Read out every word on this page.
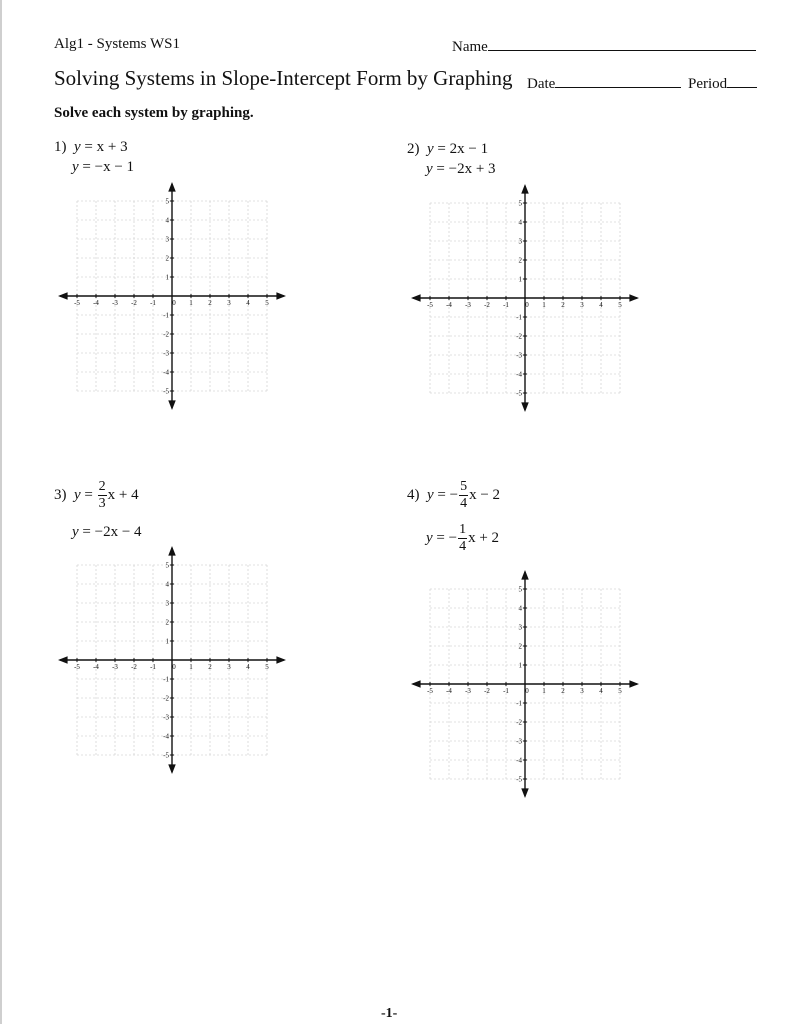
Alg1 - Systems WS1	Name
Solving Systems in Slope-Intercept Form by Graphing Date	Period
Solve each system by graphing.
1) y = x + 3
y = −x − 1
2) y = 2x − 1
y = −2x + 3
3) $y = \frac{2}{3}$ x + 4
y = −2x − 4
4) y = − $\frac{5}{4}$ x − 2
y = − $\frac{1}{4}$ x + 2
-5 -4 -3 -2 -1 0 1 2 3 4 5
5
4
3
2
1
-1
-2
-3
-4
-5
-5 -4 -3 -2 -1 0 1 2 3 4 5
5
4
3
2
1
-1
-2
-3
-4
-5
-5 -4 -3 -2 -1 0 1 2 3 4 5
5
4
3
2
1
-1
-2
-3
-4
-5
-5 -4 -3 -2 -1 0 1 2 3 4 5
5
4
3
2
1
-1
-2
-3
-4
-5
-1-
